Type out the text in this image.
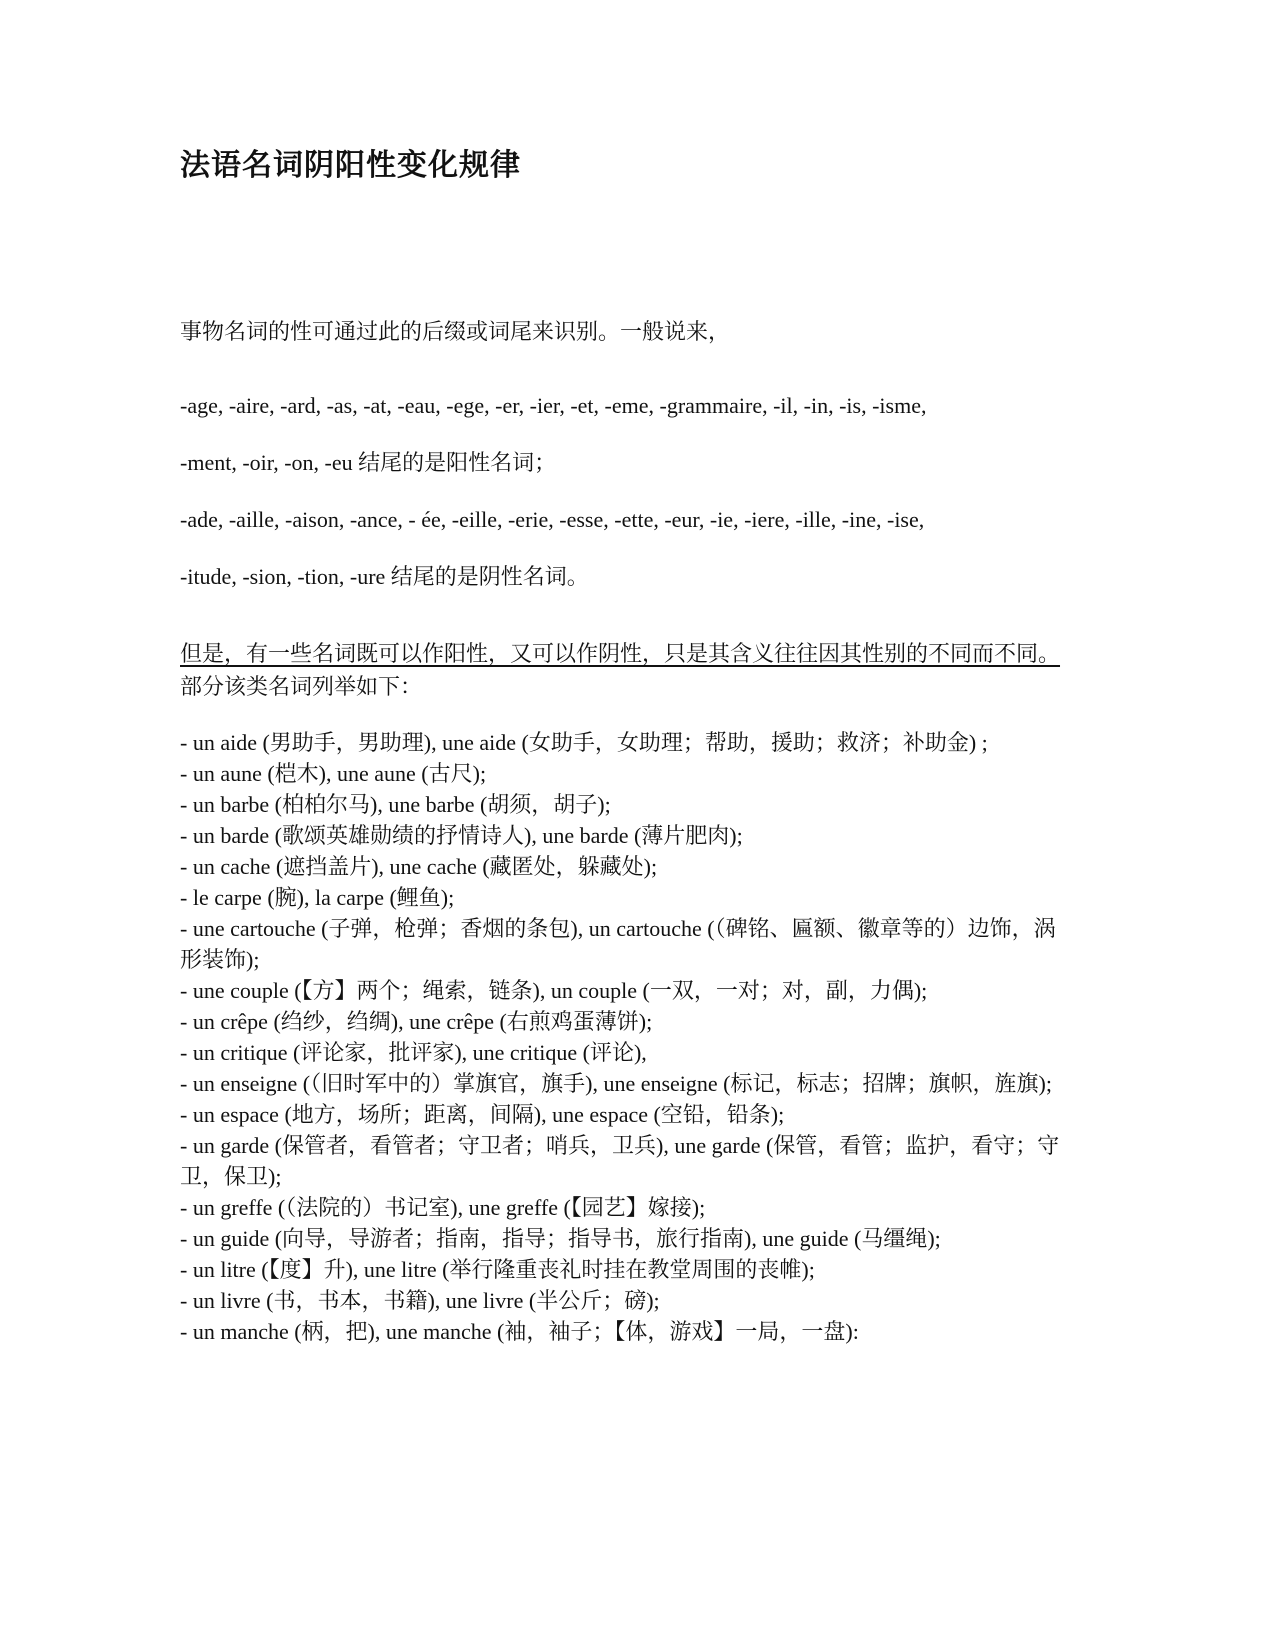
法语名词阴阳性变化规律
事物名词的性可通过此的后缀或词尾来识别。一般说来，
-age, -aire, -ard, -as, -at, -eau, -ege, -er, -ier, -et, -eme, -grammaire, -il, -in, -is, -isme,
-ment, -oir, -on, -eu 结尾的是阳性名词；
-ade, -aille, -aison, -ance, - ée, -eille, -erie, -esse, -ette, -eur, -ie, -iere, -ille, -ine, -ise,
-itude, -sion, -tion, -ure 结尾的是阴性名词。
但是，有一些名词既可以作阳性，又可以作阴性，只是其含义往往因其性别的不同而不同。部分该类名词列举如下：
- un aide (男助手，男助理), une aide (女助手，女助理；帮助，援助；救济；补助金) ;
- un aune (桤木), une aune (古尺);
- un barbe (柏柏尔马), une barbe (胡须，胡子);
- un barde (歌颂英雄勋绩的抒情诗人), une barde (薄片肥肉);
- un cache (遮挡盖片), une cache (藏匿处，躲藏处);
- le carpe (腕), la carpe (鲤鱼);
- une cartouche (子弹，枪弹；香烟的条包), un cartouche (（碑铭、匾额、徽章等的）边饰，涡形装饰);
- une couple (【方】两个；绳索，链条), un couple (一双，一对；对，副，力偶);
- un crêpe (绉纱，绉绸), une crêpe (右煎鸡蛋薄饼);
- un critique (评论家，批评家), une critique (评论),
- un enseigne (（旧时军中的）掌旗官，旗手), une enseigne (标记，标志；招牌；旗帜，旌旗);
- un espace (地方，场所；距离，间隔), une espace (空铅，铅条);
- un garde (保管者，看管者；守卫者；哨兵，卫兵), une garde (保管，看管；监护，看守；守卫，保卫);
- un greffe (（法院的）书记室), une greffe (【园艺】嫁接);
- un guide (向导，导游者；指南，指导；指导书，旅行指南), une guide (马缰绳);
- un litre (【度】升), une litre (举行隆重丧礼时挂在教堂周围的丧帷);
- un livre (书，书本，书籍), une livre (半公斤；磅);
- un manche (柄，把), une manche (袖，袖子；【体，游戏】一局，一盘):
